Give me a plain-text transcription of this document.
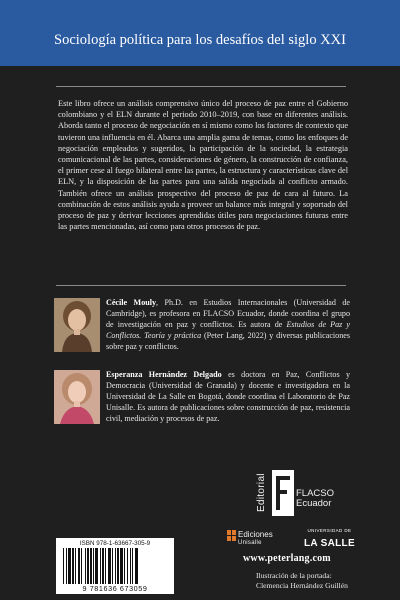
Sociología política para los desafíos del siglo XXI
Este libro ofrece un análisis comprensivo único del proceso de paz entre el Gobierno colombiano y el ELN durante el periodo 2010–2019, con base en diferentes análisis. Aborda tanto el proceso de negociación en sí mismo como los factores de contexto que tuvieron una influencia en él. Abarca una amplia gama de temas, como los enfoques de negociación empleados y sugeridos, la participación de la sociedad, la estrategia comunicacional de las partes, consideraciones de género, la construcción de confianza, el primer cese al fuego bilateral entre las partes, la estructura y características clave del ELN, y la disposición de las partes para una salida negociada al conflicto armado. También ofrece un análisis prospectivo del proceso de paz de cara al futuro. La combinación de estos análisis ayuda a proveer un balance más integral y soportado del proceso de paz y derivar lecciones aprendidas útiles para negociaciones futuras entre las partes mencionadas, así como para otros procesos de paz.
Cécile Mouly, Ph.D. en Estudios Internacionales (Universidad de Cambridge), es profesora en FLACSO Ecuador, donde coordina el grupo de investigación en paz y conflictos. Es autora de Estudios de Paz y Conflictos. Teoría y práctica (Peter Lang, 2022) y diversas publicaciones sobre paz y conflictos.
Esperanza Hernández Delgado es doctora en Paz, Conflictos y Democracia (Universidad de Granada) y docente e investigadora en la Universidad de La Salle en Bogotá, donde coordina el Laboratorio de Paz Unisalle. Es autora de publicaciones sobre construcción de paz, resistencia civil, mediación y procesos de paz.
Editorial	FLACSO
Ecuador
Ediciones
Unisalle
UNIVERSIDAD DE
LA SALLE
ISBN 978-1-63667-305-9
9 781636 673059
www.peterlang.com
Ilustración de la portada:
Clemencia Hernández Guillén
